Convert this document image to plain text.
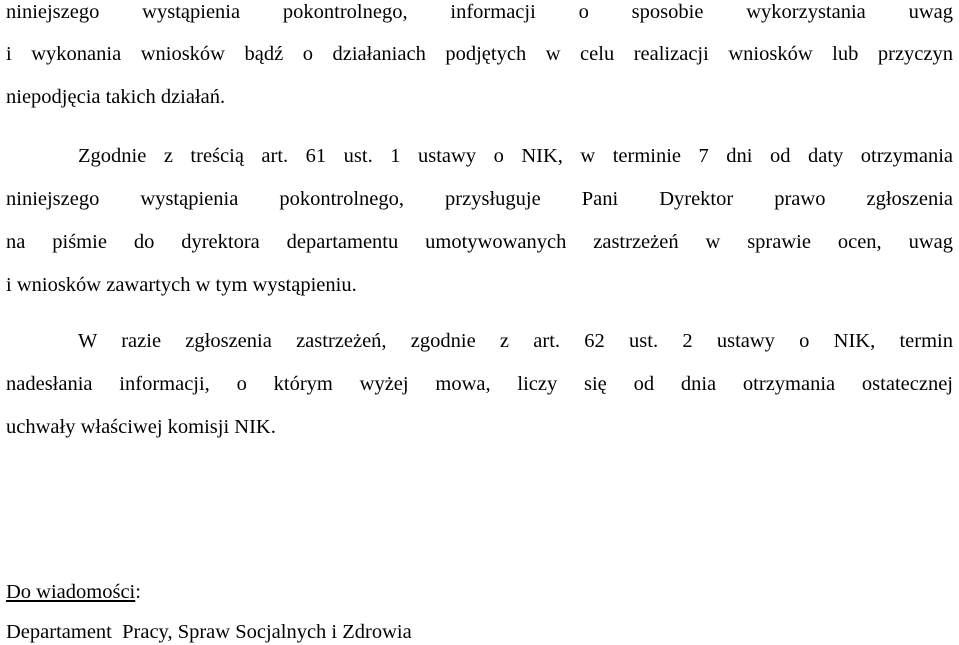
niniejszego wystąpienia pokontrolnego, informacji o sposobie wykorzystania uwag
i wykonania wniosków bądź o działaniach podjętych w celu realizacji wniosków lub przyczyn
niepodjęcia takich działań.
Zgodnie z treścią art. 61 ust. 1 ustawy o NIK, w terminie 7 dni od daty otrzymania
niniejszego wystąpienia pokontrolnego, przysługuje Pani Dyrektor prawo zgłoszenia
na piśmie do dyrektora departamentu umotywowanych zastrzeżeń w sprawie ocen, uwag
i wniosków zawartych w tym wystąpieniu.
W razie zgłoszenia zastrzeżeń, zgodnie z art. 62 ust. 2 ustawy o NIK, termin
nadesłania informacji, o którym wyżej mowa, liczy się od dnia otrzymania ostatecznej
uchwały właściwej komisji NIK.
Do wiadomości:
Departament  Pracy, Spraw Socjalnych i Zdrowia
